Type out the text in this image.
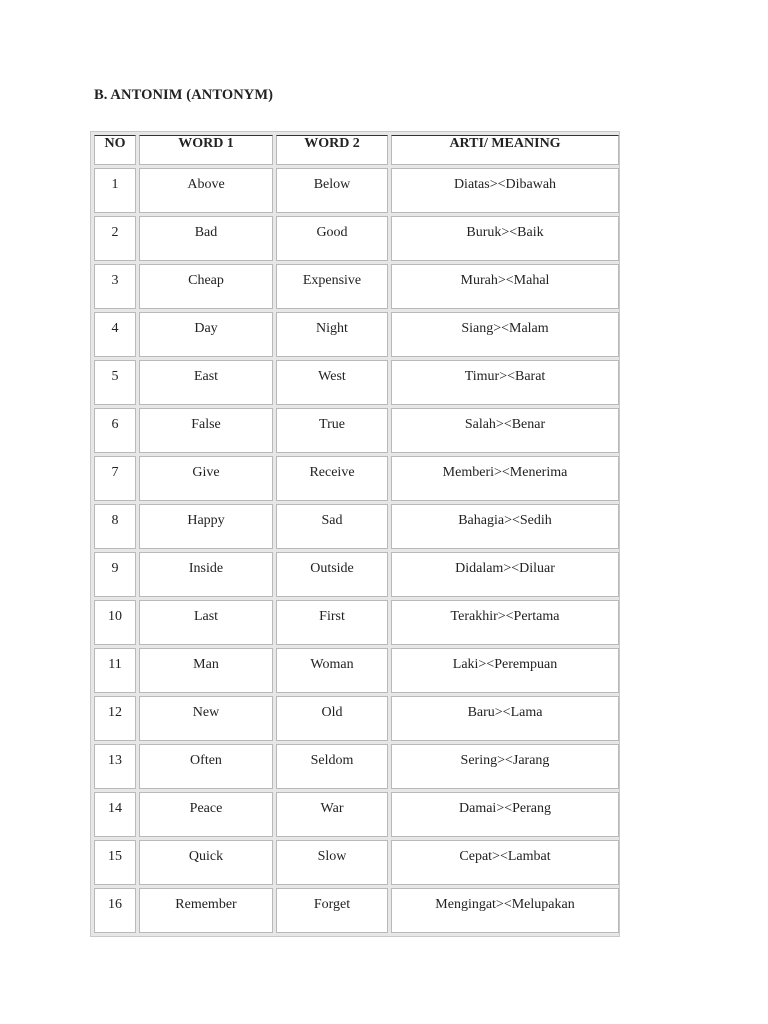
B. ANTONIM (ANTONYM)
NO	WORD 1	WORD 2	ARTI/ MEANING
1	Above	Below	Diatas><Dibawah
2	Bad	Good	Buruk><Baik
3	Cheap	Expensive	Murah><Mahal
4	Day	Night	Siang><Malam
5	East	West	Timur><Barat
6	False	True	Salah><Benar
7	Give	Receive	Memberi><Menerima
8	Happy	Sad	Bahagia><Sedih
9	Inside	Outside	Didalam><Diluar
10	Last	First	Terakhir><Pertama
11	Man	Woman	Laki><Perempuan
12	New	Old	Baru><Lama
13	Often	Seldom	Sering><Jarang
14	Peace	War	Damai><Perang
15	Quick	Slow	Cepat><Lambat
16	Remember	Forget	Mengingat><Melupakan
